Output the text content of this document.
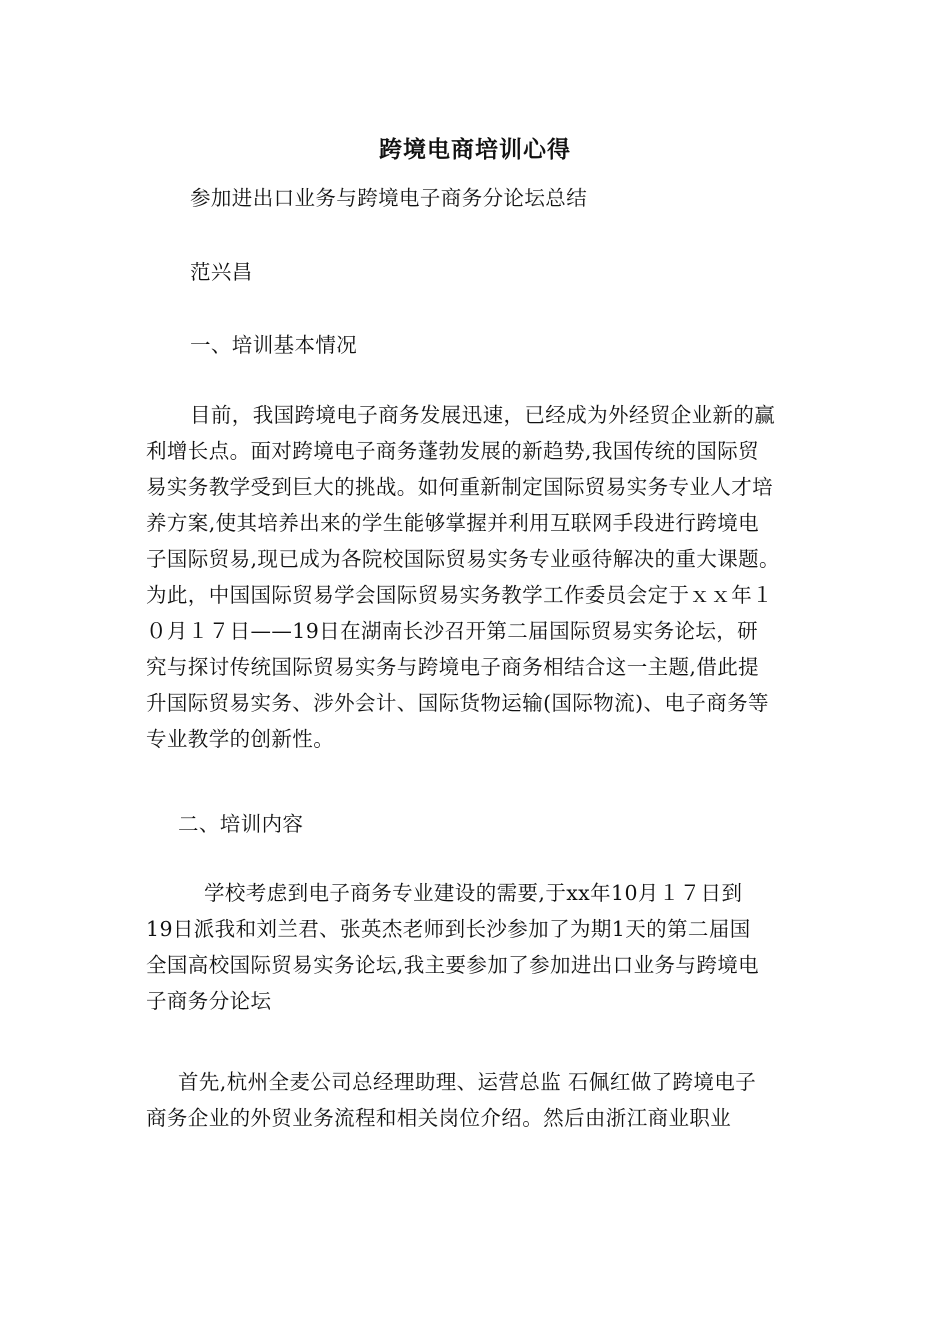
跨境电商培训心得
参加进出口业务与跨境电子商务分论坛总结
范兴昌
一、培训基本情况
目前，我国跨境电子商务发展迅速，已经成为外经贸企业新的赢
利增长点。面对跨境电子商务蓬勃发展的新趋势,我国传统的国际贸
易实务教学受到巨大的挑战。如何重新制定国际贸易实务专业人才培
养方案,使其培养出来的学生能够掌握并利用互联网手段进行跨境电
子国际贸易,现已成为各院校国际贸易实务专业亟待解决的重大课题。
为此，中国国际贸易学会国际贸易实务教学工作委员会定于ｘｘ年１
０月１７日——19日在湖南长沙召开第二届国际贸易实务论坛，研
究与探讨传统国际贸易实务与跨境电子商务相结合这一主题,借此提
升国际贸易实务、涉外会计、国际货物运输(国际物流)、电子商务等
专业教学的创新性。
二、培训内容
学校考虑到电子商务专业建设的需要,于xx年10月１７日到
19日派我和刘兰君、张英杰老师到长沙参加了为期1天的第二届国
全国高校国际贸易实务论坛,我主要参加了参加进出口业务与跨境电
子商务分论坛
首先,杭州全麦公司总经理助理、运营总监 石佩红做了跨境电子
商务企业的外贸业务流程和相关岗位介绍。然后由浙江商业职业
